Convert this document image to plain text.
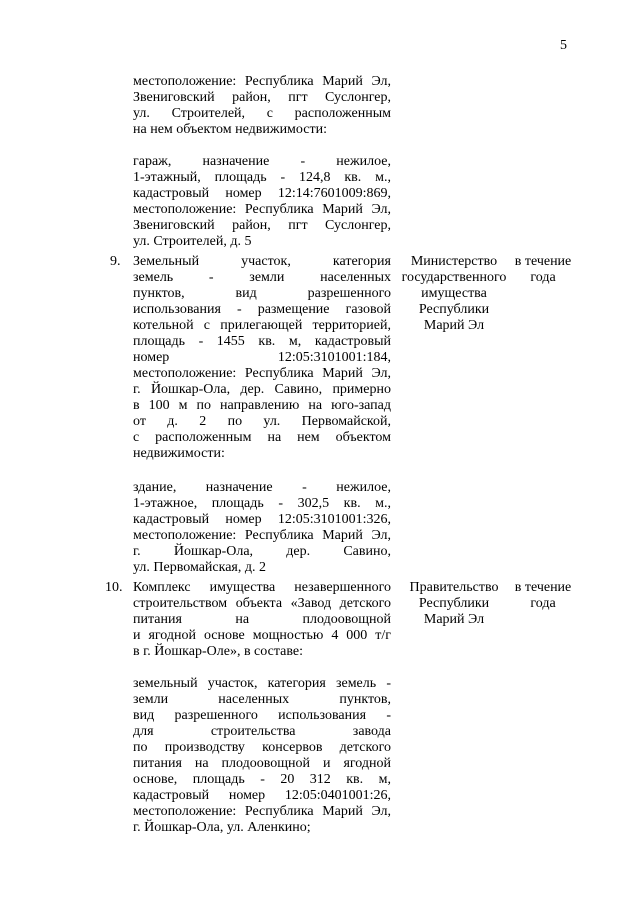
5
местоположение: Республика Марий Эл,
Звениговский район, пгт Суслонгер,
ул. Строителей, с расположенным
на нем объектом недвижимости:
гараж, назначение - нежилое,
1-этажный, площадь - 124,8 кв. м.,
кадастровый номер 12:14:7601009:869,
местоположение: Республика Марий Эл,
Звениговский район, пгт Суслонгер,
ул. Строителей, д. 5
9. Земельный участок, категория
земель - земли населенных
пунктов, вид разрешенного
использования - размещение газовой
котельной с прилегающей территорией,
площадь - 1455 кв. м, кадастровый
номер 12:05:3101001:184,
местоположение: Республика Марий Эл,
г. Йошкар-Ола, дер. Савино, примерно
в 100 м по направлению на юго-запад
от д. 2 по ул. Первомайской,
с расположенным на нем объектом
недвижимости:
здание, назначение - нежилое,
1-этажное, площадь - 302,5 кв. м.,
кадастровый номер 12:05:3101001:326,
местоположение: Республика Марий Эл,
г. Йошкар-Ола, дер. Савино,
ул. Первомайская, д. 2
Министерство
государственного
имущества
Республики
Марий Эл
в течение
года
10. Комплекс имущества незавершенного
строительством объекта «Завод детского
питания на плодоовощной
и ягодной основе мощностью 4 000 т/г
в г. Йошкар-Оле», в составе:
земельный участок, категория земель -
земли населенных пунктов,
вид разрешенного использования -
для строительства завода
по производству консервов детского
питания на плодоовощной и ягодной
основе, площадь - 20 312 кв. м,
кадастровый номер 12:05:0401001:26,
местоположение: Республика Марий Эл,
г. Йошкар-Ола, ул. Аленкино;
Правительство
Республики
Марий Эл
в течение
года
